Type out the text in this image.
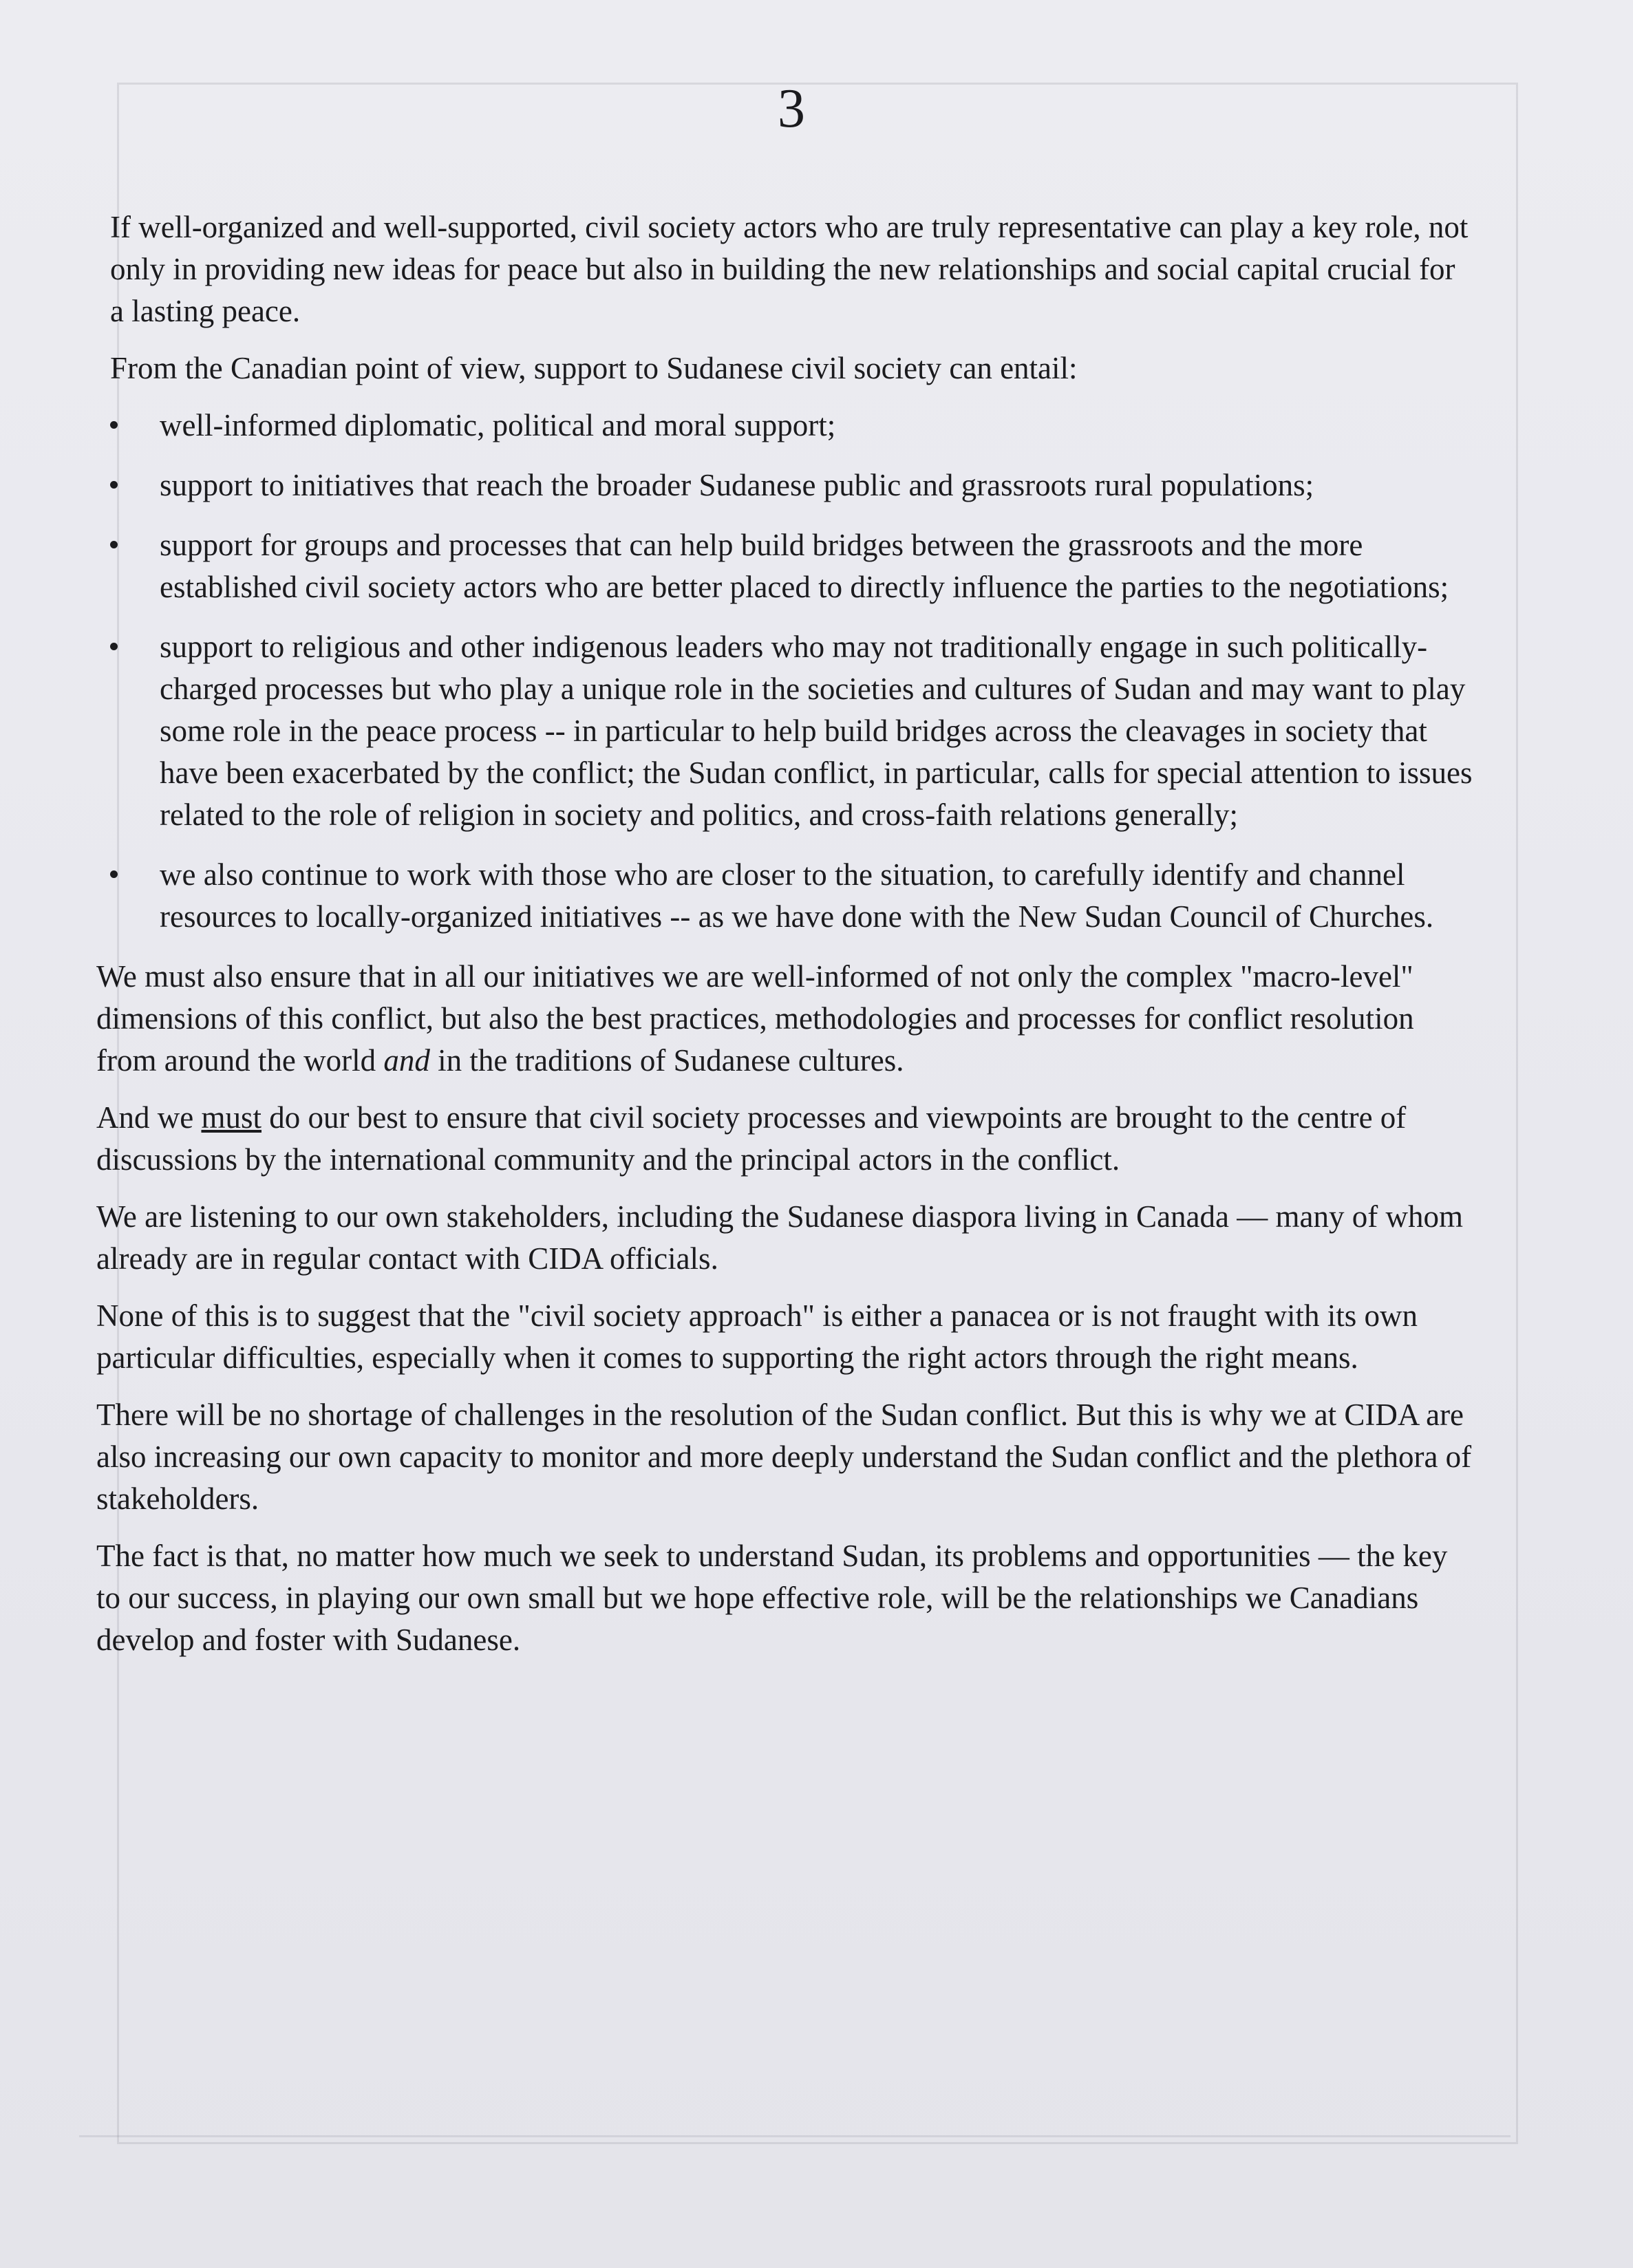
3

If well-organized and well-supported, civil society actors who are truly representative can play a key role, not only in providing new ideas for peace but also in building the new relationships and social capital crucial for a lasting peace.

From the Canadian point of view, support to Sudanese civil society can entail:

well-informed diplomatic, political and moral support;
support to initiatives that reach the broader Sudanese public and grassroots rural populations;
support for groups and processes that can help build bridges between the grassroots and the more established civil society actors who are better placed to directly influence the parties to the negotiations;
support to religious and other indigenous leaders who may not traditionally engage in such politically-charged processes but who play a unique role in the societies and cultures of Sudan and may want to play some role in the peace process -- in particular to help build bridges across the cleavages in society that have been exacerbated by the conflict; the Sudan conflict, in particular, calls for special attention to issues related to the role of religion in society and politics, and cross-faith relations generally;
we also continue to work with those who are closer to the situation, to carefully identify and channel resources to locally-organized initiatives -- as we have done with the New Sudan Council of Churches.

We must also ensure that in all our initiatives we are well-informed of not only the complex "macro-level" dimensions of this conflict, but also the best practices, methodologies and processes for conflict resolution from around the world and in the traditions of Sudanese cultures.

And we must do our best to ensure that civil society processes and viewpoints are brought to the centre of discussions by the international community and the principal actors in the conflict.

We are listening to our own stakeholders, including the Sudanese diaspora living in Canada — many of whom already are in regular contact with CIDA officials.

None of this is to suggest that the "civil society approach" is either a panacea or is not fraught with its own particular difficulties, especially when it comes to supporting the right actors through the right means.

There will be no shortage of challenges in the resolution of the Sudan conflict. But this is why we at CIDA are also increasing our own capacity to monitor and more deeply understand the Sudan conflict and the plethora of stakeholders.

The fact is that, no matter how much we seek to understand Sudan, its problems and opportunities — the key to our success, in playing our own small but we hope effective role, will be the relationships we Canadians develop and foster with Sudanese.
